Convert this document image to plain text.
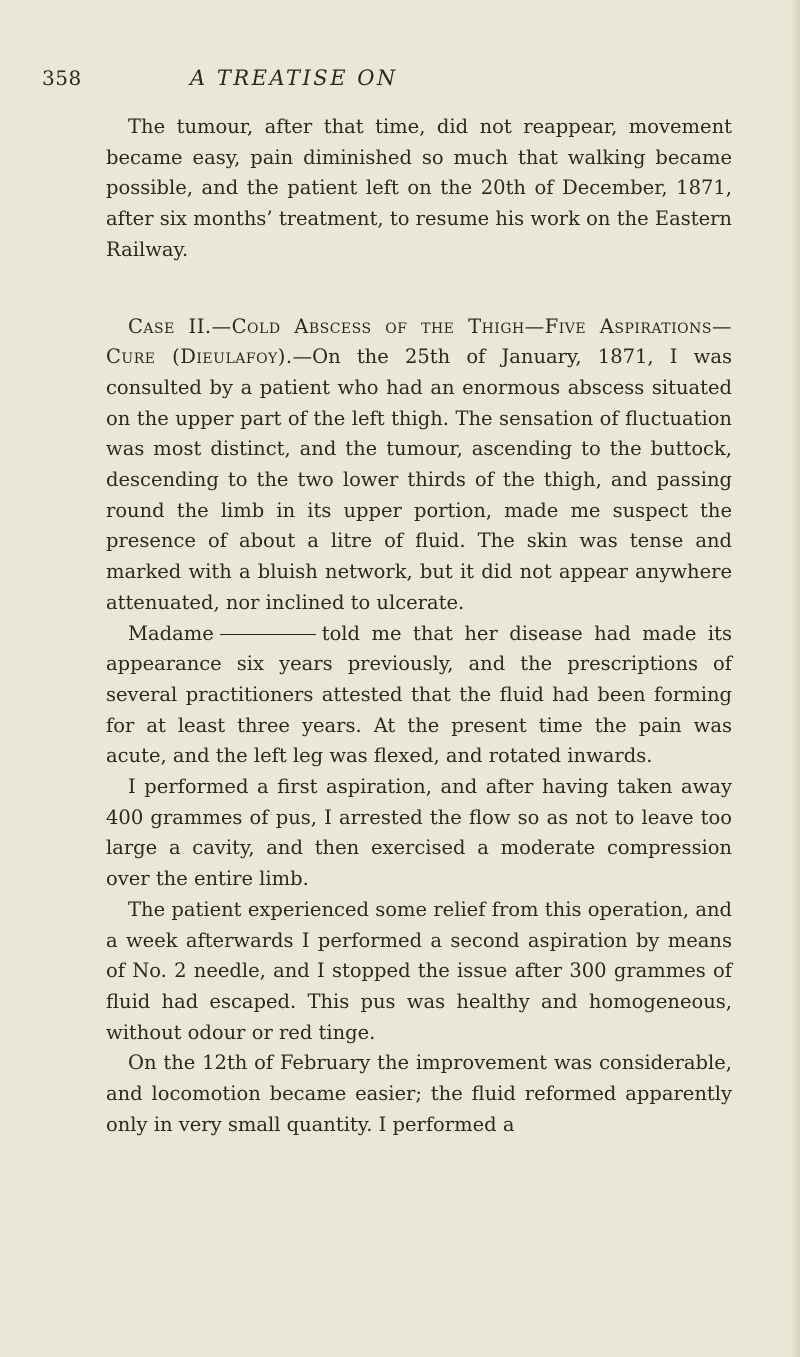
358	A TREATISE ON

The tumour, after that time, did not reappear, movement became easy, pain diminished so much that walking became possible, and the patient left on the 20th of December, 1871, after six months’ treatment, to resume his work on the Eastern Railway.

Case II.—Cold Abscess of the Thigh—Five Aspirations—Cure (Dieulafoy).—On the 25th of January, 1871, I was consulted by a patient who had an enormous abscess situated on the upper part of the left thigh. The sensation of fluctuation was most distinct, and the tumour, ascending to the buttock, descending to the two lower thirds of the thigh, and passing round the limb in its upper portion, made me suspect the presence of about a litre of fluid. The skin was tense and marked with a bluish network, but it did not appear anywhere attenuated, nor inclined to ulcerate.

Madame	told me that her disease had made its appearance six years previously, and the prescriptions of several practitioners attested that the fluid had been forming for at least three years. At the present time the pain was acute, and the left leg was flexed, and rotated inwards.

I performed a first aspiration, and after having taken away 400 grammes of pus, I arrested the flow so as not to leave too large a cavity, and then exercised a moderate compression over the entire limb.

The patient experienced some relief from this operation, and a week afterwards I performed a second aspiration by means of No. 2 needle, and I stopped the issue after 300 grammes of fluid had escaped. This pus was healthy and homogeneous, without odour or red tinge.

On the 12th of February the improvement was considerable, and locomotion became easier; the fluid reformed apparently only in very small quantity. I performed a
